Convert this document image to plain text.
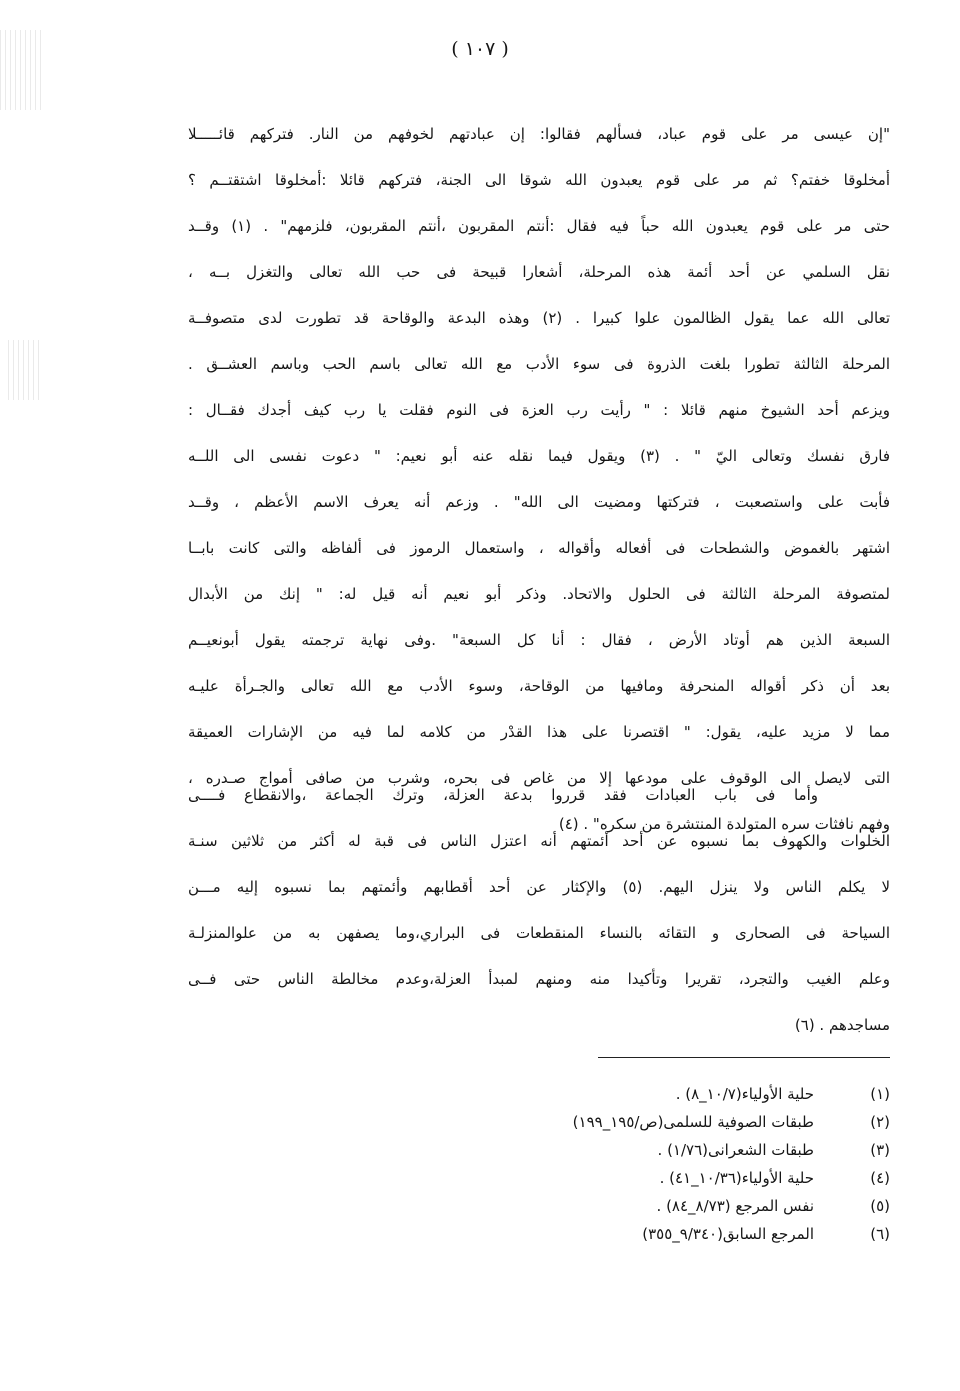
( ١٠٧ )
"إن عيسى مر على قوم عباد، فسألهم فقالوا: إن عبادتهم لخوفهم من النار. فتركهم قائـــــلا
أمخلوقا خفتم؟ ثم مر على قوم يعبدون الله شوقا الى الجنة، فتركهم قائلا :أمخلوقا اشتقتــم ؟
حتى مر على قوم يعبدون الله حباً فيه فقال :أنتم المقربون ،أنتم المقربون، فلزمهم" . (١) وقــد
نقل السلمي عن أحد أئمة هذه المرحلة، أشعارا قبيحة فى حب الله تعالى والتغزل بــه ،
تعالى الله عما يقول الظالمون علوا كبيرا . (٢) وهذه البدعة والوقاحة قد تطورت لدى متصوفــة
المرحلة الثالثة تطورا بلغت الذروة فى سوء الأدب مع الله تعالى باسم الحب وباسم العشــق .
ويزعم أحد الشيوخ منهم قائلا : " رأيت رب العزة فى النوم فقلت يا رب كيف أجدك فقــال :
فارق نفسك وتعالى اليّ " . (٣) ويقول فيما نقله عنه أبو نعيم: " دعوت نفسى الى اللــه
فأبت على واستصعبت ، فتركتها ومضيت الى الله" . وزعم أنه يعرف الاسم الأعظم ، وقــد
اشتهر بالغموض والشطحات فى أفعاله وأقواله ، واستعمال الرموز فى ألفاظه والتى كانت بابــا
لمتصوفة المرحلة الثالثة فى الحلول والاتحاد. وذكر أبو نعيم أنه قيل له: " إنك من الأبدال
السبعة الذين هم أوتاد الأرض ، فقال : أنا كل السبعة" .وفى نهاية ترجمته يقول أبونعيــم
بعد أن ذكر أقواله المنحرفة ومافيها من الوقاحة، وسوء الأدب مع الله تعالى والجـرأة عليـه
مما لا مزيد عليه، يقول: " اقتصرنا على هذا القدْر من كلامه لما فيه من الإشارات العميقة
التى لايصل الى الوقوف على مودعها إلا من غاص فى بحره، وشرب من صافى أمواج صـدره ،
وفهم نافثات سره المتولدة المنتشرة من سكره" . (٤)
وأما فى باب العبادات فقد قرروا بدعة العزلة، وترك الجماعة ،والانقطاع فــــى
الخلوات والكهوف بما نسبوه عن أحد أئمتهم أنه اعتزل الناس فى قبة له أكثر من ثلاثين سنـة
لا يكلم الناس ولا ينزل اليهم. (٥) والإكثار عن أحد أقطابهم وأئمتهم بما نسبوه إليه مـــن
السياحة فى الصحارى و التقائه بالنساء المنقطعات فى البراري،وما يصفهن به من علوالمنزلـة
وعلم الغيب والتجرد، تقريرا وتأكيدا منه ومنهم لمبدأ العزلة،وعدم مخالطة الناس حتى فــى
مساجدهم . (٦)
(١)
حلية الأولياء(١٠/٧_٨) .
(٢)
طبقات الصوفية للسلمى(ص/١٩٥_١٩٩)
(٣)
طبقات الشعرانى(١/٧٦) .
(٤)
حلية الأولياء(١٠/٣٦_٤١) .
(٥)
نفس المرجع (٨/٧٣_٨٤) .
(٦)
المرجع السابق(٩/٣٤٠_٣٥٥)
